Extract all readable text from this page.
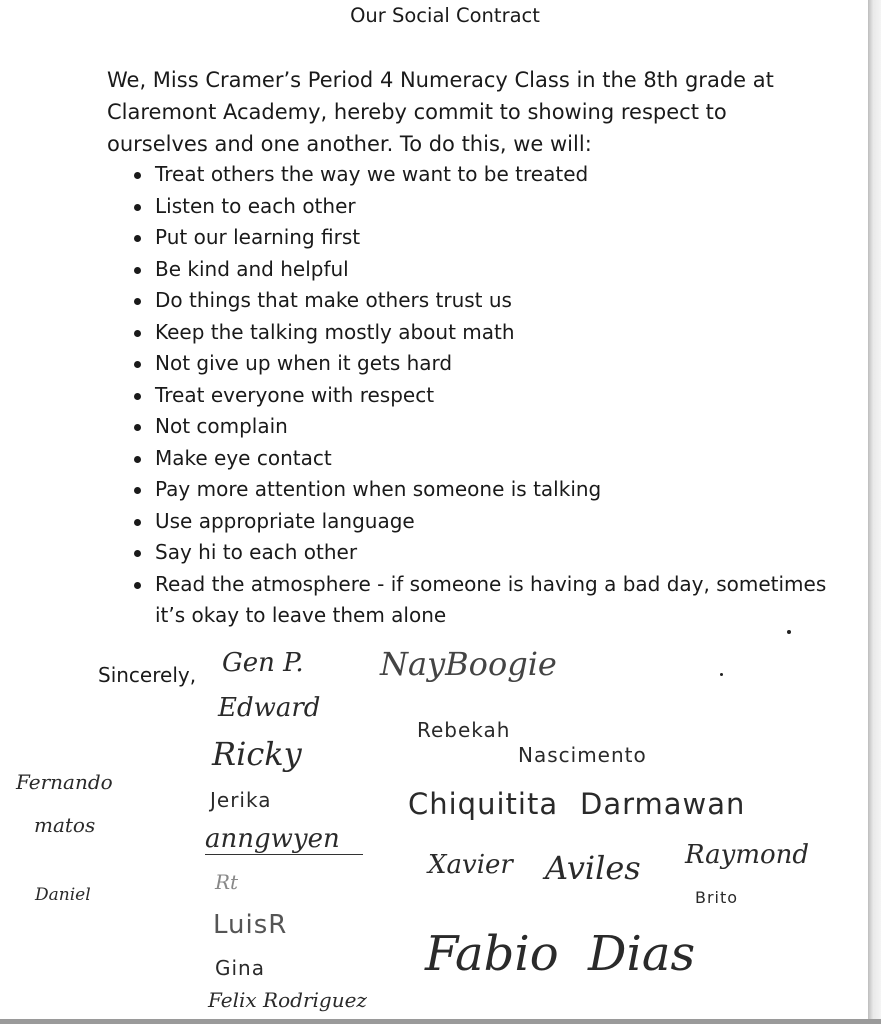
Our Social Contract
We, Miss Cramer’s Period 4 Numeracy Class in the 8th grade at
Claremont Academy, hereby commit to showing respect to
ourselves and one another. To do this, we will:
Treat others the way we want to be treated
Listen to each other
Put our learning first
Be kind and helpful
Do things that make others trust us
Keep the talking mostly about math
Not give up when it gets hard
Treat everyone with respect
Not complain
Make eye contact
Pay more attention when someone is talking
Use appropriate language
Say hi to each other
Read the atmosphere - if someone is having a bad day, sometimes it’s okay to leave them alone
Sincerely, Gen P.
Edward
Ricky
Jerika
anngwyen
Rt
LuisR
Gina
Felix Rodriguez
Fernando
matos
Daniel
NayBoogie
Rebekah
Nascimento
Chiquitita Darmawan
Xavier Aviles Raymond
Brito
Fabio Dias
